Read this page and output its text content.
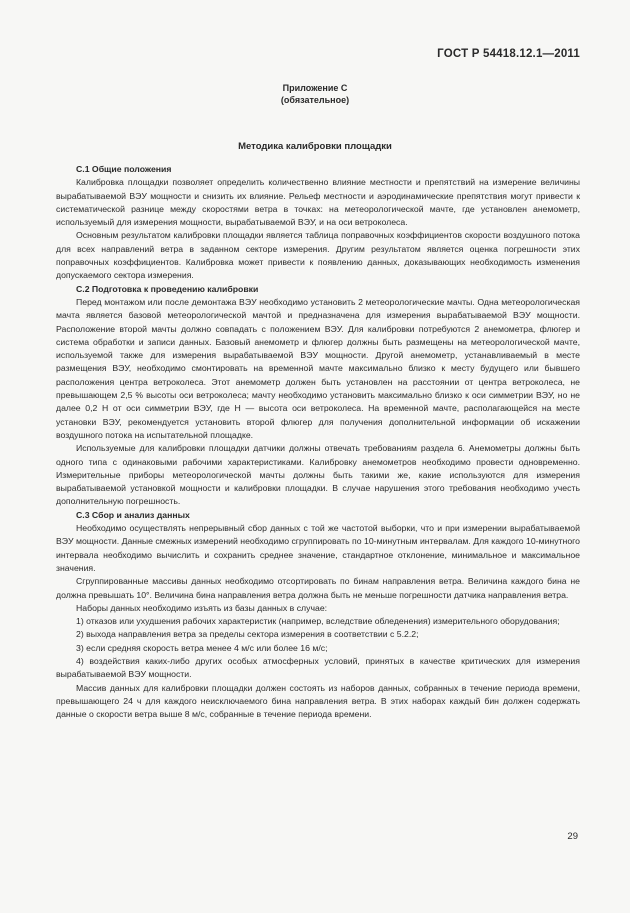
ГОСТ Р 54418.12.1—2011
Приложение С
(обязательное)
Методика калибровки площадки

С.1 Общие положения

Калибровка площадки позволяет определить количественно влияние местности и препятствий на измерение величины вырабатываемой ВЭУ мощности и снизить их влияние. Рельеф местности и аэродинамические препятствия могут привести к систематической разнице между скоростями ветра в точках: на метеорологической мачте, где установлен анемометр, используемый для измерения мощности, вырабатываемой ВЭУ, и на оси ветроколеса.

Основным результатом калибровки площадки является таблица поправочных коэффициентов скорости воздушного потока для всех направлений ветра в заданном секторе измерения. Другим результатом является оценка погрешности этих поправочных коэффициентов. Калибровка может привести к появлению данных, доказывающих необходимость изменения допускаемого сектора измерения.

С.2 Подготовка к проведению калибровки

Перед монтажом или после демонтажа ВЭУ необходимо установить 2 метеорологические мачты. Одна метеорологическая мачта является базовой метеорологической мачтой и предназначена для измерения вырабатываемой ВЭУ мощности. Расположение второй мачты должно совпадать с положением ВЭУ. Для калибровки потребуются 2 анемометра, флюгер и система обработки и записи данных. Базовый анемометр и флюгер должны быть размещены на метеорологической мачте, используемой также для измерения вырабатываемой ВЭУ мощности. Другой анемометр, устанавливаемый в месте размещения ВЭУ, необходимо смонтировать на временной мачте максимально близко к месту будущего или бывшего расположения центра ветроколеса. Этот анемометр должен быть установлен на расстоянии от центра ветроколеса, не превышающем 2,5 % высоты оси ветроколеса; мачту необходимо установить максимально близко к оси симметрии ВЭУ, но не далее 0,2 Н от оси симметрии ВЭУ, где Н — высота оси ветроколеса. На временной мачте, располагающейся на месте установки ВЭУ, рекомендуется установить второй флюгер для получения дополнительной информации об искажении воздушного потока на испытательной площадке.

Используемые для калибровки площадки датчики должны отвечать требованиям раздела 6. Анемометры должны быть одного типа с одинаковыми рабочими характеристиками. Калибровку анемометров необходимо провести одновременно. Измерительные приборы метеорологической мачты должны быть такими же, какие используются для измерения вырабатываемой установкой мощности и калибровки площадки. В случае нарушения этого требования необходимо учесть дополнительную погрешность.

С.3 Сбор и анализ данных

Необходимо осуществлять непрерывный сбор данных с той же частотой выборки, что и при измерении вырабатываемой ВЭУ мощности. Данные смежных измерений необходимо сгруппировать по 10-минутным интервалам. Для каждого 10-минутного интервала необходимо вычислить и сохранить среднее значение, стандартное отклонение, минимальное и максимальное значения.

Сгруппированные массивы данных необходимо отсортировать по бинам направления ветра. Величина каждого бина не должна превышать 10°. Величина бина направления ветра должна быть не меньше погрешности датчика направления ветра.

Наборы данных необходимо изъять из базы данных в случае:

1) отказов или ухудшения рабочих характеристик (например, вследствие обледенения) измерительного оборудования;

2) выхода направления ветра за пределы сектора измерения в соответствии с 5.2.2;

3) если средняя скорость ветра менее 4 м/с или более 16 м/с;

4) воздействия каких-либо других особых атмосферных условий, принятых в качестве критических для измерения вырабатываемой ВЭУ мощности.

Массив данных для калибровки площадки должен состоять из наборов данных, собранных в течение периода времени, превышающего 24 ч для каждого неисключаемого бина направления ветра. В этих наборах каждый бин должен содержать данные о скорости ветра выше 8 м/с, собранные в течение периода времени.

29
